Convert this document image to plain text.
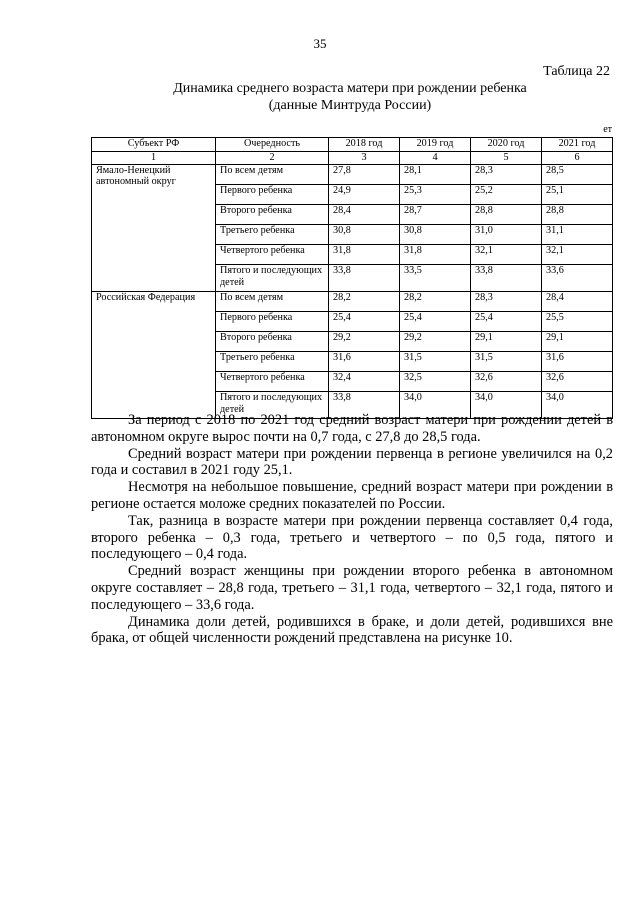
35
Таблица 22
Динамика среднего возраста матери при рождении ребенка
(данные Минтруда России)
ет
Субъект РФ	Очередность	2018 год	2019 год	2020 год	2021 год
1	2	3	4	5	6
Ямало-Ненецкий автономный округ	По всем детям	27,8	28,1	28,3	28,5
	Первого ребенка	24,9	25,3	25,2	25,1
	Второго ребенка	28,4	28,7	28,8	28,8
	Третьего ребенка	30,8	30,8	31,0	31,1
	Четвертого ребенка	31,8	31,8	32,1	32,1
	Пятого и последующих детей	33,8	33,5	33,8	33,6
Российская Федерация	По всем детям	28,2	28,2	28,3	28,4
	Первого ребенка	25,4	25,4	25,4	25,5
	Второго ребенка	29,2	29,2	29,1	29,1
	Третьего ребенка	31,6	31,5	31,5	31,6
	Четвертого ребенка	32,4	32,5	32,6	32,6
	Пятого и последующих детей	33,8	34,0	34,0	34,0

За период с 2018 по 2021 год средний возраст матери при рождении детей в автономном округе вырос почти на 0,7 года, с 27,8 до 28,5 года.

Средний возраст матери при рождении первенца в регионе увеличился на 0,2 года и составил в 2021 году 25,1.

Несмотря на небольшое повышение, средний возраст матери при рождении в регионе остается моложе средних показателей по России.

Так, разница в возрасте матери при рождении первенца составляет 0,4 года, второго ребенка – 0,3 года, третьего и четвертого – по 0,5 года, пятого и последующего – 0,4 года.

Средний возраст женщины при рождении второго ребенка в автономном округе составляет – 28,8 года, третьего – 31,1 года, четвертого – 32,1 года, пятого и последующего – 33,6 года.

Динамика доли детей, родившихся в браке, и доли детей, родившихся вне брака, от общей численности рождений представлена на рисунке 10.
